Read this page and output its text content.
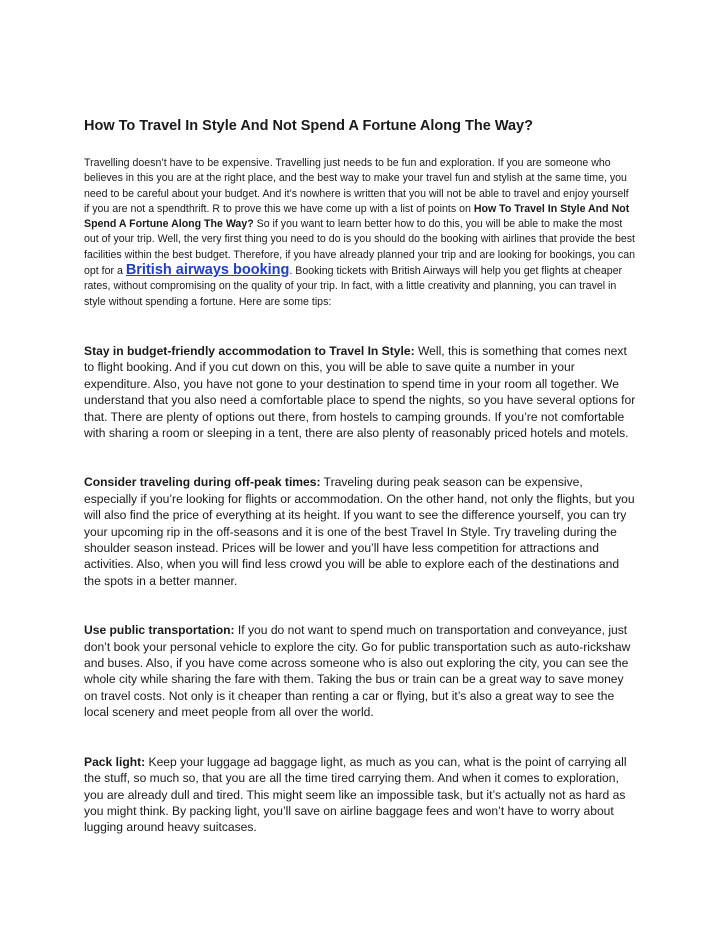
How To Travel In Style And Not Spend A Fortune Along The Way?

Travelling doesn’t have to be expensive. Travelling just needs to be fun and exploration. If you are someone who believes in this you are at the right place, and the best way to make your travel fun and stylish at the same time, you need to be careful about your budget. And it’s nowhere is written that you will not be able to travel and enjoy yourself if you are not a spendthrift. R to prove this we have come up with a list of points on How To Travel In Style And Not Spend A Fortune Along The Way? So if you want to learn better how to do this, you will be able to make the most out of your trip. Well, the very first thing you need to do is you should do the booking with airlines that provide the best facilities within the best budget. Therefore, if you have already planned your trip and are looking for bookings, you can opt for a British airways booking. Booking tickets with British Airways will help you get flights at cheaper rates, without compromising on the quality of your trip. In fact, with a little creativity and planning, you can travel in style without spending a fortune. Here are some tips:

Stay in budget-friendly accommodation to Travel In Style: Well, this is something that comes next to flight booking. And if you cut down on this, you will be able to save quite a number in your expenditure. Also, you have not gone to your destination to spend time in your room all together. We understand that you also need a comfortable place to spend the nights, so you have several options for that. There are plenty of options out there, from hostels to camping grounds. If you’re not comfortable with sharing a room or sleeping in a tent, there are also plenty of reasonably priced hotels and motels.

Consider traveling during off-peak times: Traveling during peak season can be expensive, especially if you’re looking for flights or accommodation. On the other hand, not only the flights, but you will also find the price of everything at its height. If you want to see the difference yourself, you can try your upcoming rip in the off-seasons and it is one of the best Travel In Style. Try traveling during the shoulder season instead. Prices will be lower and you’ll have less competition for attractions and activities. Also, when you will find less crowd you will be able to explore each of the destinations and the spots in a better manner.

Use public transportation: If you do not want to spend much on transportation and conveyance, just don’t book your personal vehicle to explore the city. Go for public transportation such as auto-rickshaw and buses. Also, if you have come across someone who is also out exploring the city, you can see the whole city while sharing the fare with them. Taking the bus or train can be a great way to save money on travel costs. Not only is it cheaper than renting a car or flying, but it’s also a great way to see the local scenery and meet people from all over the world.

Pack light: Keep your luggage ad baggage light, as much as you can, what is the point of carrying all the stuff, so much so, that you are all the time tired carrying them. And when it comes to exploration, you are already dull and tired. This might seem like an impossible task, but it’s actually not as hard as you might think. By packing light, you’ll save on airline baggage fees and won’t have to worry about lugging around heavy suitcases.
